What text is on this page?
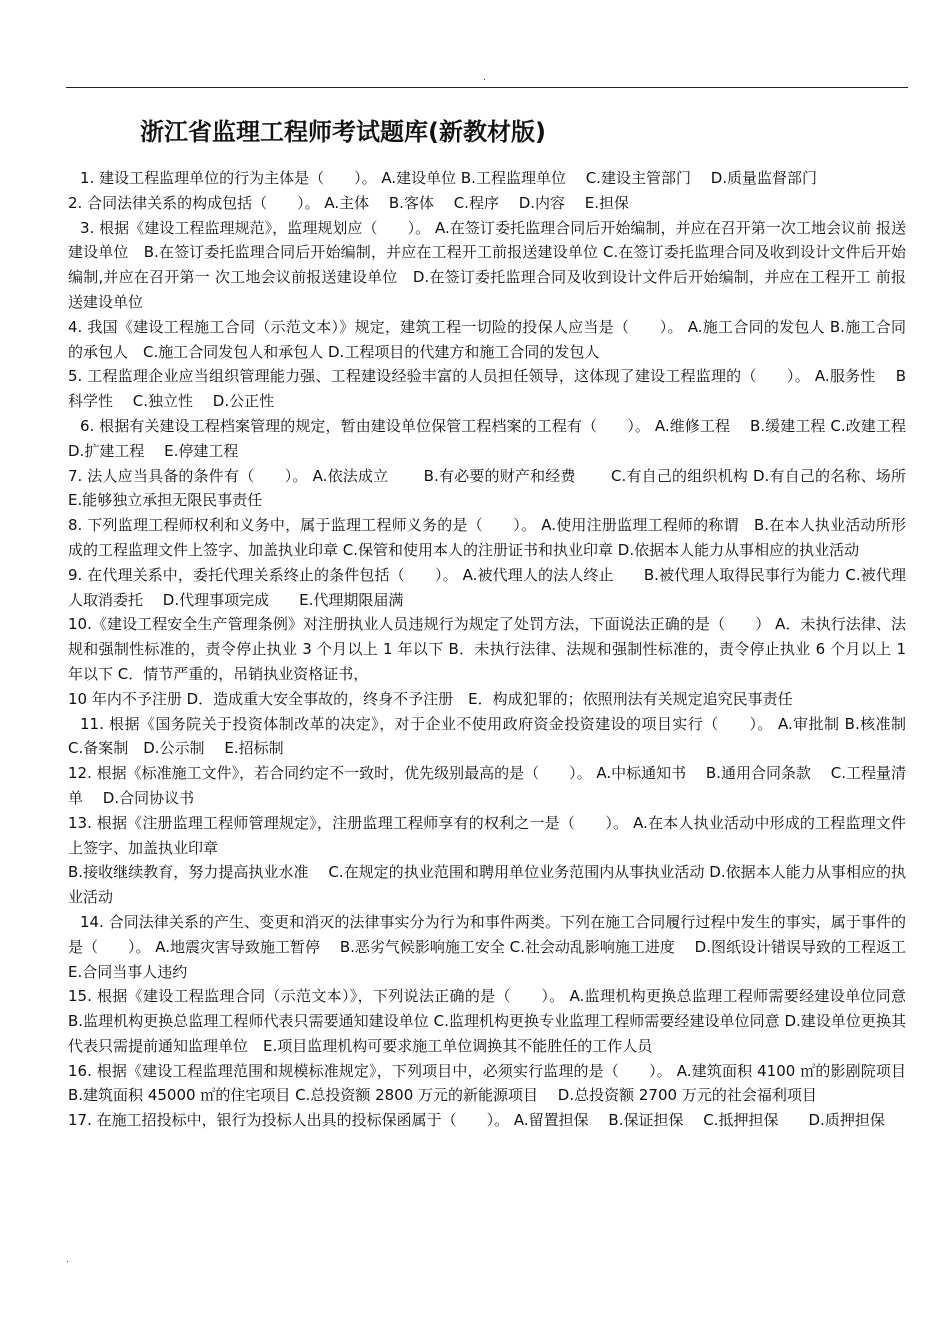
.
浙江省监理工程师考试题库(新教材版)

1. 建设工程监理单位的行为主体是（　　）。 A.建设单位 B.工程监理单位　 C.建设主管部门　 D.质量监督部门

2. 合同法律关系的构成包括（　　）。 A.主体　 B.客体　 C.程序　 D.内容　 E.担保

3. 根据《建设工程监理规范》，监理规划应（　　）。 A.在签订委托监理合同后开始编制，并应在召开第一次工地会议前 报送建设单位　B.在签订委托监理合同后开始编制，并应在工程开工前报送建设单位 C.在签订委托监理合同及收到设计文件后开始编制,并应在召开第一 次工地会议前报送建设单位　D.在签订委托监理合同及收到设计文件后开始编制，并应在工程开工 前报送建设单位

4. 我国《建设工程施工合同（示范文本）》规定，建筑工程一切险的投保人应当是（　　）。 A.施工合同的发包人 B.施工合同的承包人　C.施工合同发包人和承包人 D.工程项目的代建方和施工合同的发包人

5. 工程监理企业应当组织管理能力强、工程建设经验丰富的人员担任领导，这体现了建设工程监理的（　　）。 A.服务性　 B 科学性　 C.独立性　 D.公正性

6. 根据有关建设工程档案管理的规定，暂由建设单位保管工程档案的工程有（　　）。 A.维修工程　 B.缓建工程 C.改建工程 D.扩建工程　 E.停建工程

7. 法人应当具备的条件有（　　）。 A.依法成立　　 B.有必要的财产和经费　　 C.有自己的组织机构 D.有自己的名称、场所　 E.能够独立承担无限民事责任

8. 下列监理工程师权利和义务中，属于监理工程师义务的是（　　）。 A.使用注册监理工程师的称谓　B.在本人执业活动所形成的工程监理文件上签字、加盖执业印章 C.保管和使用本人的注册证书和执业印章 D.依据本人能力从事相应的执业活动

9. 在代理关系中，委托代理关系终止的条件包括（　　）。 A.被代理人的法人终止　　B.被代理人取得民事行为能力 C.被代理人取消委托　 D.代理事项完成　　E.代理期限届满

10.《建设工程安全生产管理条例》对注册执业人员违规行为规定了处罚方法，下面说法正确的是（　　） A．未执行法律、法规和强制性标准的，责令停止执业 3 个月以上 1 年以下 B．未执行法律、法规和强制性标准的，责令停止执业 6 个月以上 1 年以下 C．情节严重的，吊销执业资格证书，

10 年内不予注册 D．造成重大安全事故的，终身不予注册　E．构成犯罪的；依照刑法有关规定追究民事责任

11. 根据《国务院关于投资体制改革的决定》，对于企业不使用政府资金投资建设的项目实行（　　）。 A.审批制 B.核准制　C.备案制　D.公示制　 E.招标制

12. 根据《标准施工文件》，若合同约定不一致时，优先级别最高的是（　　）。 A.中标通知书　 B.通用合同条款　 C.工程量清单　 D.合同协议书

13. 根据《注册监理工程师管理规定》，注册监理工程师享有的权利之一是（　　）。 A.在本人执业活动中形成的工程监理文件上签字、加盖执业印章

B.接收继续教育，努力提高执业水准　 C.在规定的执业范围和聘用单位业务范围内从事执业活动 D.依据本人能力从事相应的执业活动

14. 合同法律关系的产生、变更和消灭的法律事实分为行为和事件两类。下列在施工合同履行过程中发生的事实，属于事件的是（　　）。 A.地震灾害导致施工暂停　 B.恶劣气候影响施工安全 C.社会动乱影响施工进度　 D.图纸设计错误导致的工程返工 E.合同当事人违约

15. 根据《建设工程监理合同（示范文本）》，下列说法正确的是（　　）。 A.监理机构更换总监理工程师需要经建设单位同意 B.监理机构更换总监理工程师代表只需要通知建设单位 C.监理机构更换专业监理工程师需要经建设单位同意 D.建设单位更换其代表只需提前通知监理单位　E.项目监理机构可要求施工单位调换其不能胜任的工作人员

16. 根据《建设工程监理范围和规模标准规定》，下列项目中，必须实行监理的是（　　）。 A.建筑面积 4100 ㎡的影剧院项目　 B.建筑面积 45000 ㎡的住宅项目 C.总投资额 2800 万元的新能源项目　 D.总投资额 2700 万元的社会福利项目

17. 在施工招投标中，银行为投标人出具的投标保函属于（　　）。 A.留置担保　 B.保证担保　 C.抵押担保　　D.质押担保

.
